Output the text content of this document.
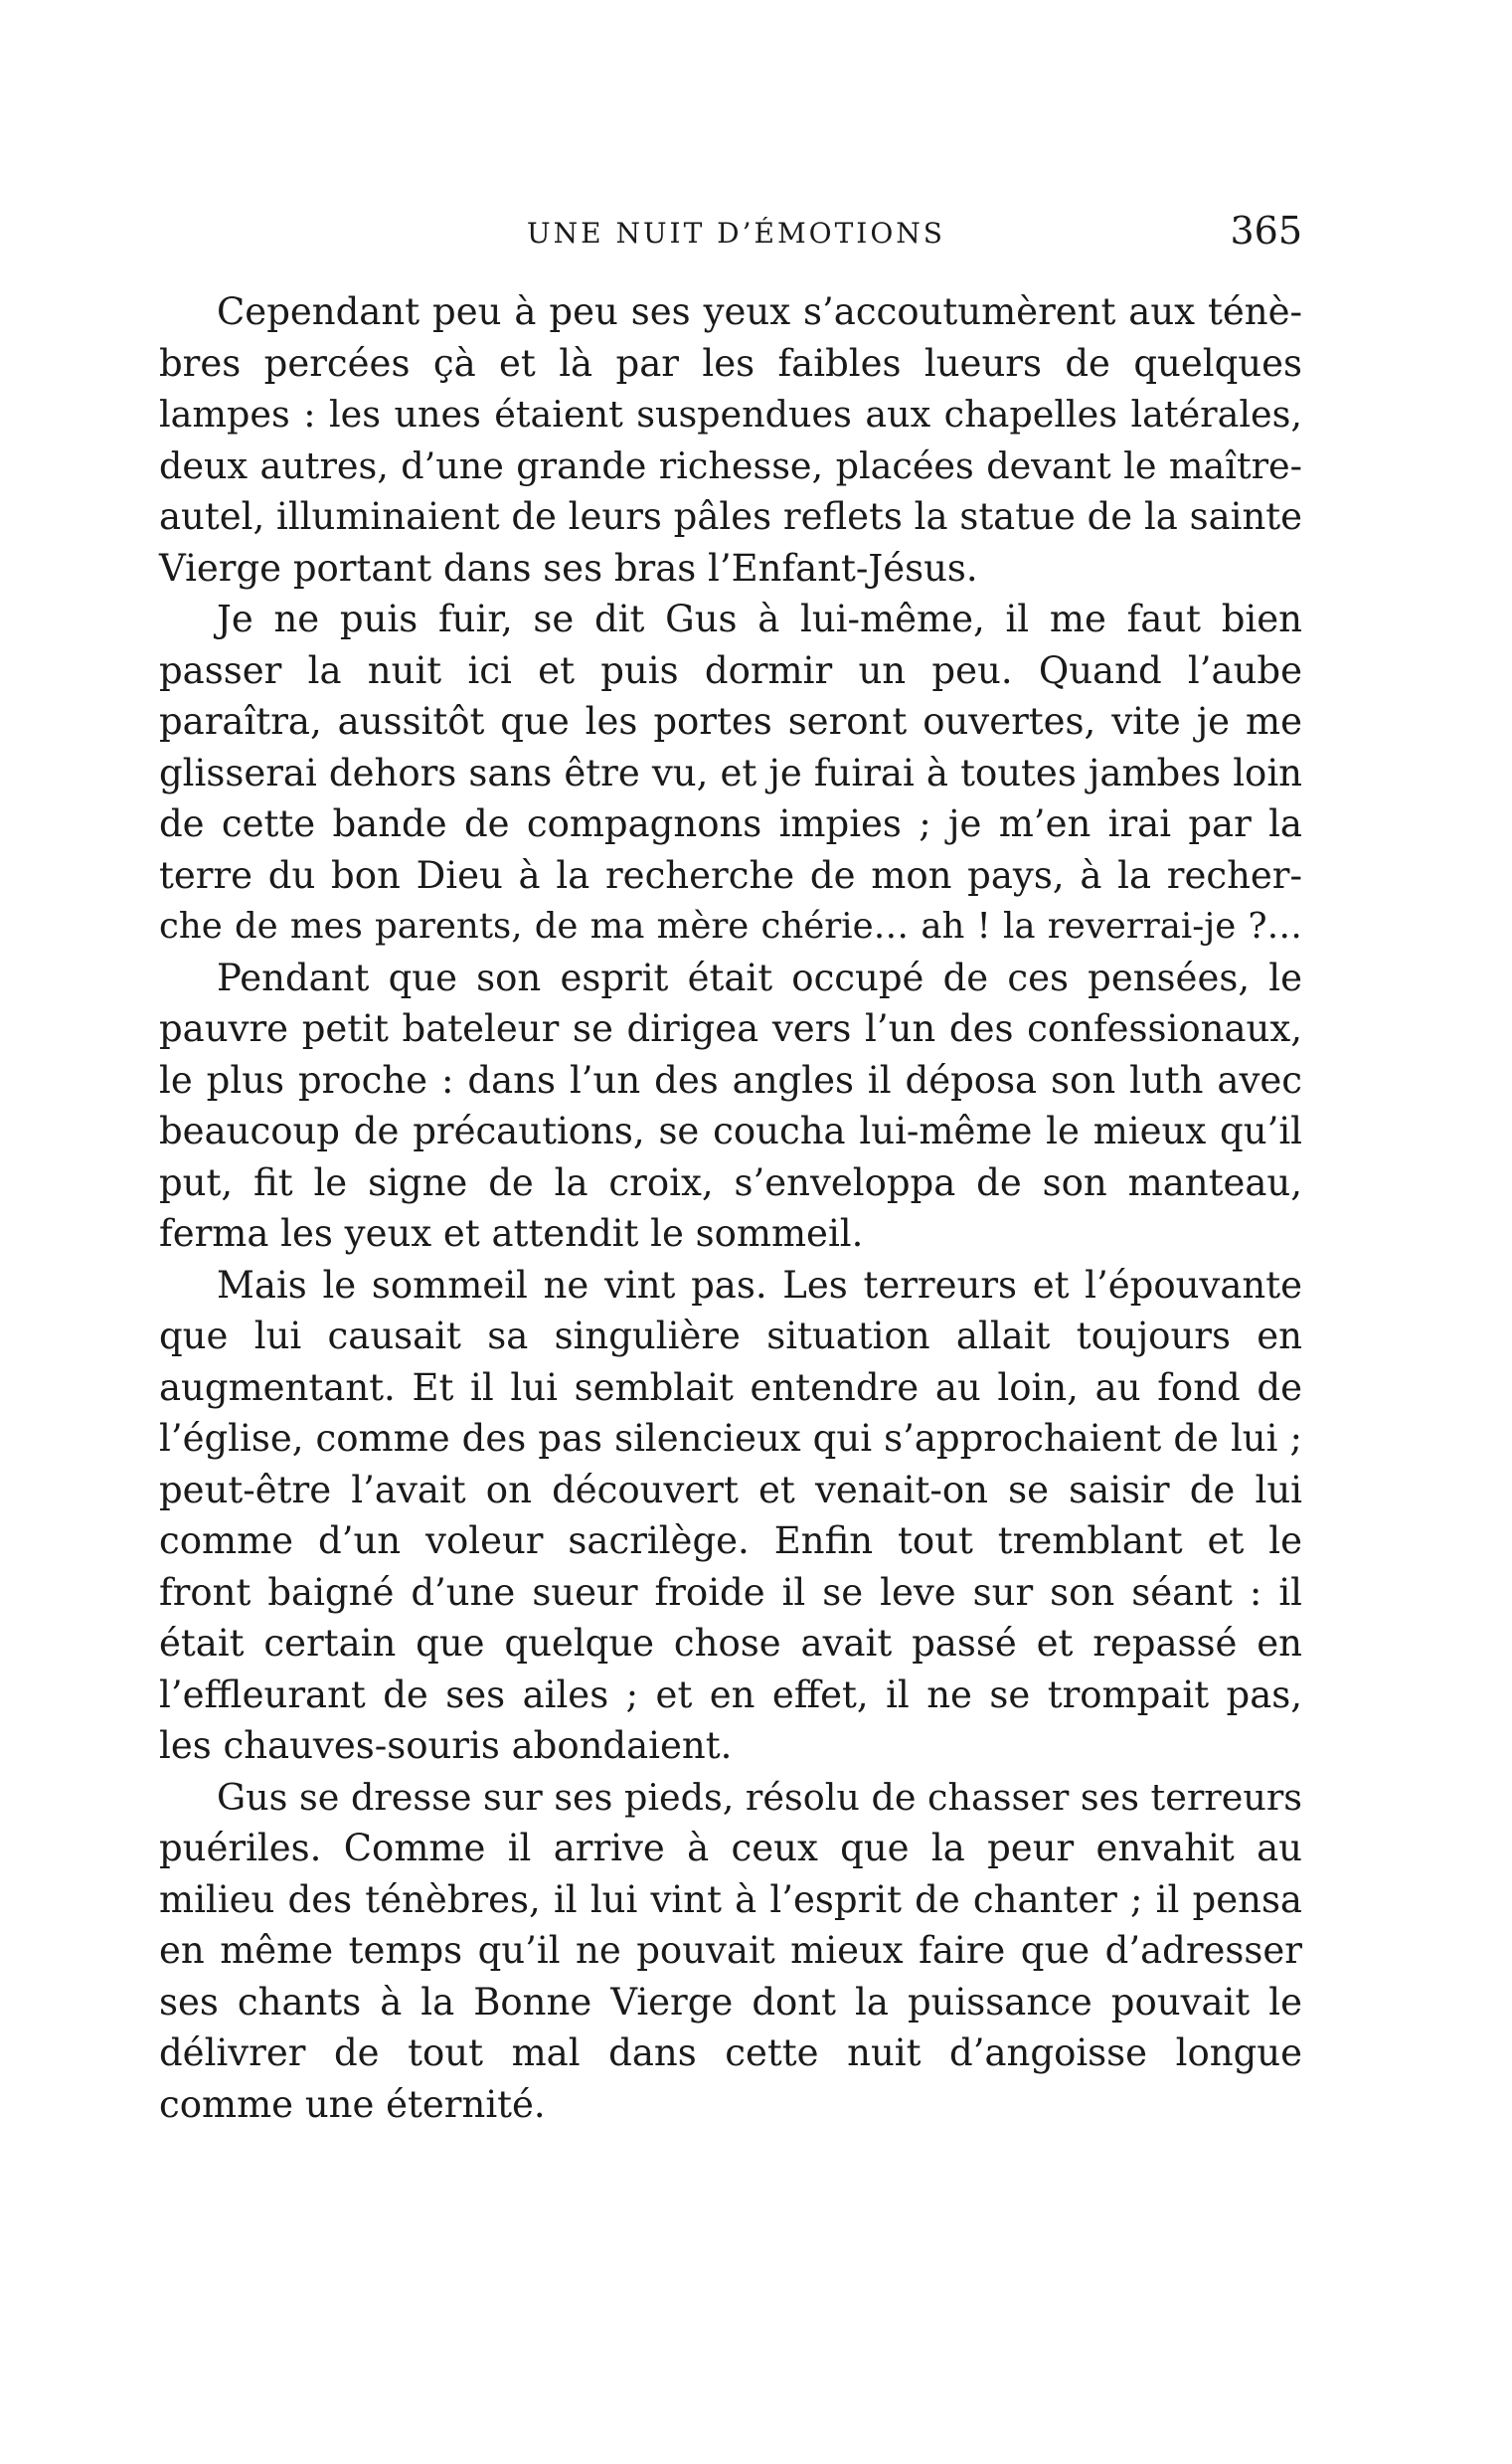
UNE NUIT D’ÉMOTIONS	365
Cependant peu à peu ses yeux s’accoutumèrent aux ténè-
bres percées çà et là par les faibles lueurs de quelques
lampes : les unes étaient suspendues aux chapelles latérales,
deux autres, d’une grande richesse, placées devant le maître-
autel, illuminaient de leurs pâles reflets la statue de la sainte
Vierge portant dans ses bras l’Enfant-Jésus.
Je ne puis fuir, se dit Gus à lui-même, il me faut bien
passer la nuit ici et puis dormir un peu. Quand l’aube
paraîtra, aussitôt que les portes seront ouvertes, vite je me
glisserai dehors sans être vu, et je fuirai à toutes jambes loin
de cette bande de compagnons impies ; je m’en irai par la
terre du bon Dieu à la recherche de mon pays, à la recher-
che de mes parents, de ma mère chérie… ah ! la reverrai-je ?…
Pendant que son esprit était occupé de ces pensées, le
pauvre petit bateleur se dirigea vers l’un des confessionaux,
le plus proche : dans l’un des angles il déposa son luth avec
beaucoup de précautions, se coucha lui-même le mieux qu’il
put, fit le signe de la croix, s’enveloppa de son manteau,
ferma les yeux et attendit le sommeil.
Mais le sommeil ne vint pas. Les terreurs et l’épouvante
que lui causait sa singulière situation allait toujours en
augmentant. Et il lui semblait entendre au loin, au fond de
l’église, comme des pas silencieux qui s’approchaient de lui ;
peut-être l’avait on découvert et venait-on se saisir de lui
comme d’un voleur sacrilège. Enfin tout tremblant et le
front baigné d’une sueur froide il se leve sur son séant : il
était certain que quelque chose avait passé et repassé en
l’effleurant de ses ailes ; et en effet, il ne se trompait pas,
les chauves-souris abondaient.
Gus se dresse sur ses pieds, résolu de chasser ses terreurs
puériles. Comme il arrive à ceux que la peur envahit au
milieu des ténèbres, il lui vint à l’esprit de chanter ; il pensa
en même temps qu’il ne pouvait mieux faire que d’adresser
ses chants à la Bonne Vierge dont la puissance pouvait le
délivrer de tout mal dans cette nuit d’angoisse longue
comme une éternité.
